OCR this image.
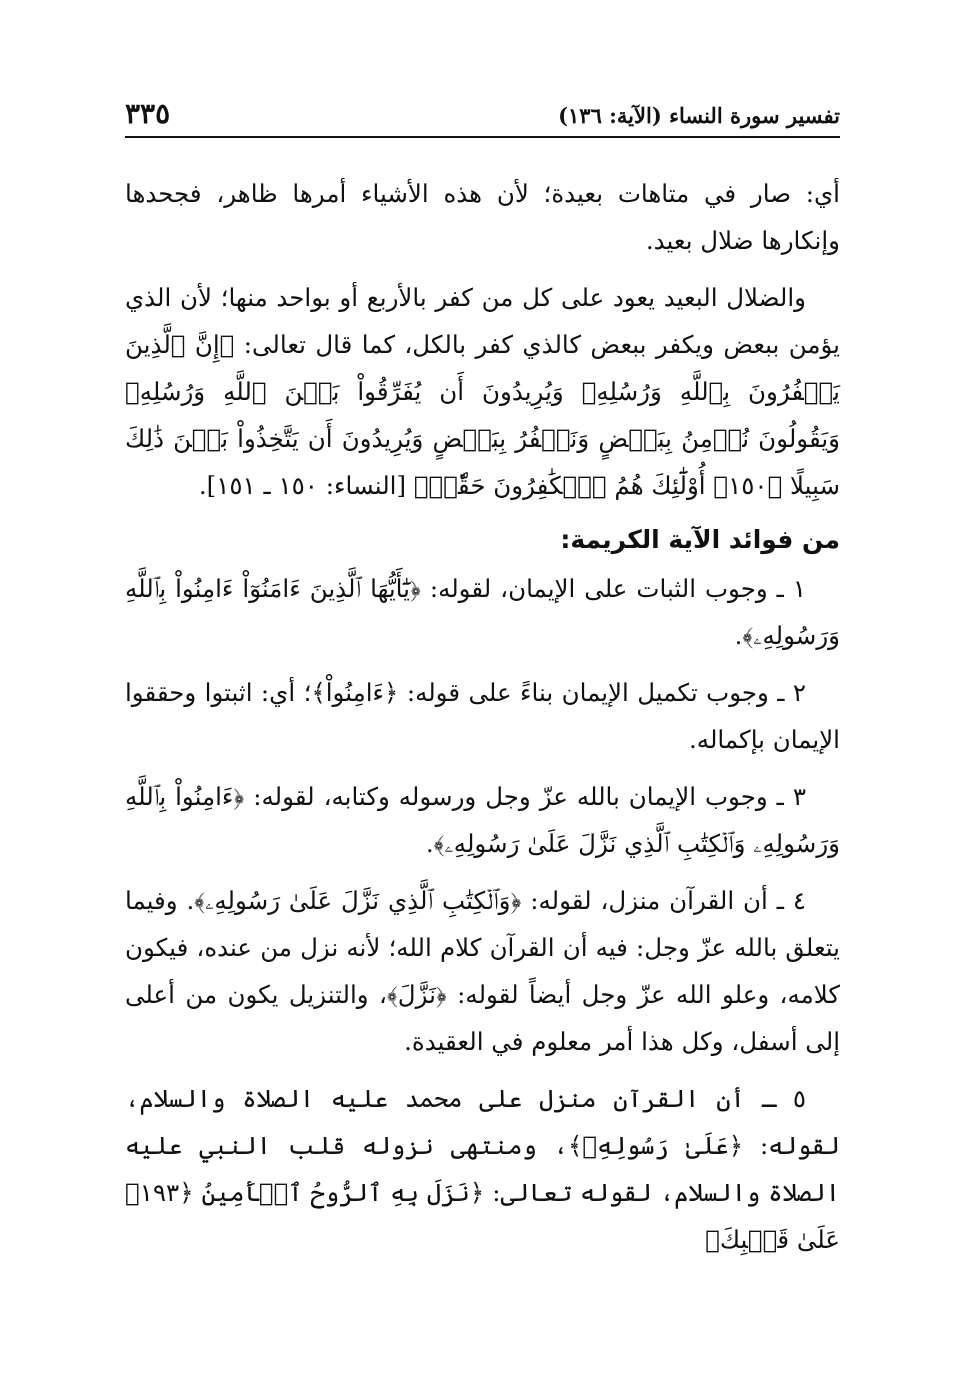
تفسير سورة النساء (الآية: ١٣٦)
٣٣٥

أي: صار في متاهات بعيدة؛ لأن هذه الأشياء أمرها ظاهر، فجحدها وإنكارها ضلال بعيد.

والضلال البعيد يعود على كل من كفر بالأربع أو بواحد منها؛ لأن الذي يؤمن ببعض ويكفر ببعض كالذي كفر بالكل، كما قال تعالى: ﴿إِنَّ ٱلَّذِينَ يَكۡفُرُونَ بِٱللَّهِ وَرُسُلِهِۦ وَيُرِيدُونَ أَن يُفَرِّقُواْ بَيۡنَ ٱللَّهِ وَرُسُلِهِۦ وَيَقُولُونَ نُؤۡمِنُ بِبَعۡضٍ وَنَكۡفُرُ بِبَعۡضٍ وَيُرِيدُونَ أَن يَتَّخِذُواْ بَيۡنَ ذَٰلِكَ سَبِيلًا ﴿١٥٠﴾ أُوْلَٰٓئِكَ هُمُ ٱلۡكَٰفِرُونَ حَقّٗاۚ﴾ [النساء: ١٥٠ ـ ١٥١].

من فوائد الآية الكريمة:

١ ـ وجوب الثبات على الإيمان، لقوله: ﴿يَٰٓأَيُّهَا ٱلَّذِينَ ءَامَنُوٓاْ ءَامِنُواْ بِٱللَّهِ وَرَسُولِهِۦ﴾.

٢ ـ وجوب تكميل الإيمان بناءً على قوله: ﴿ءَامِنُواْ﴾؛ أي: اثبتوا وحققوا الإيمان بإكماله.

٣ ـ وجوب الإيمان بالله عزّ وجل ورسوله وكتابه، لقوله: ﴿ءَامِنُواْ بِٱللَّهِ وَرَسُولِهِۦ وَٱلۡكِتَٰبِ ٱلَّذِي نَزَّلَ عَلَىٰ رَسُولِهِۦ﴾.

٤ ـ أن القرآن منزل، لقوله: ﴿وَٱلۡكِتَٰبِ ٱلَّذِي نَزَّلَ عَلَىٰ رَسُولِهِۦ﴾. وفيما يتعلق بالله عزّ وجل: فيه أن القرآن كلام الله؛ لأنه نزل من عنده، فيكون كلامه، وعلو الله عزّ وجل أيضاً لقوله: ﴿نَزَّلَ﴾، والتنزيل يكون من أعلى إلى أسفل، وكل هذا أمر معلوم في العقيدة.

٥ ـ أن القرآن منزل على محمد عليه الصلاة والسلام، لقوله: ﴿عَلَىٰ رَسُولِهِۦ﴾، ومنتهى نزوله قلب النبي عليه الصلاة والسلام، لقوله تعالى: ﴿نَزَلَ بِهِ ٱلرُّوحُ ٱلۡأَمِينُ ﴿١٩٣﴾ عَلَىٰ قَلۡبِكَ﴾
